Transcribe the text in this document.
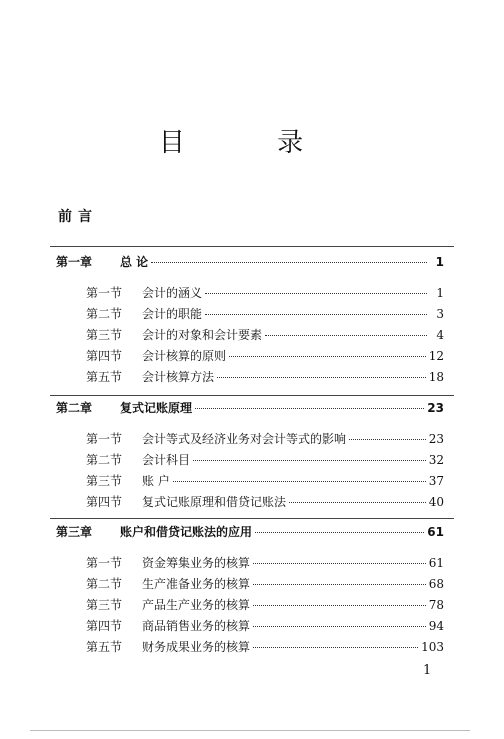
目 录
前言
第一章	总 论	1
第一节	会计的涵义	1
第二节	会计的职能	3
第三节	会计的对象和会计要素	4
第四节	会计核算的原则	12
第五节	会计核算方法	18
第二章	复式记账原理	23
第一节	会计等式及经济业务对会计等式的影响	23
第二节	会计科目	32
第三节	账 户	37
第四节	复式记账原理和借贷记账法	40
第三章	账户和借贷记账法的应用	61
第一节	资金筹集业务的核算	61
第二节	生产准备业务的核算	68
第三节	产品生产业务的核算	78
第四节	商品销售业务的核算	94
第五节	财务成果业务的核算	103
1
